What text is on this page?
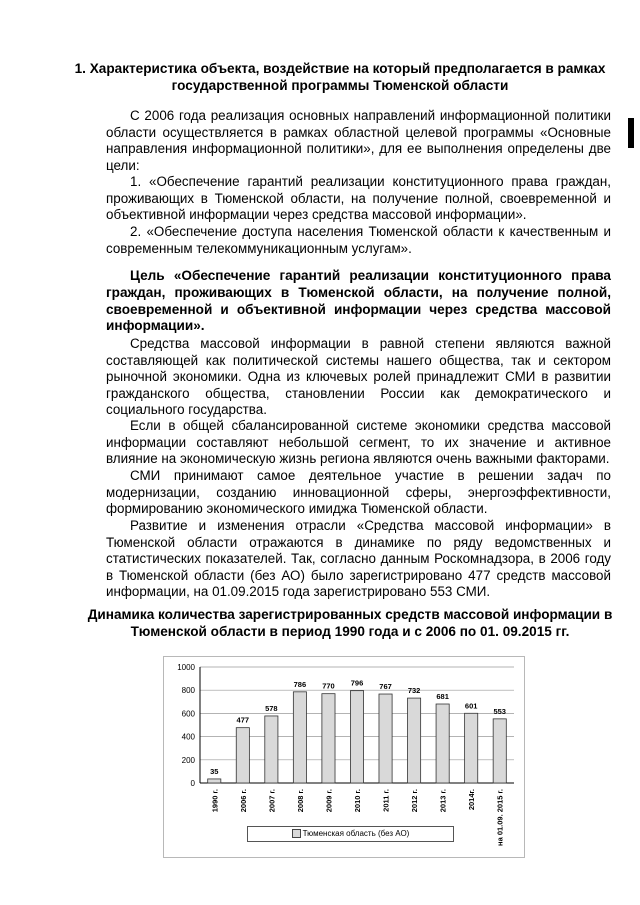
1. Характеристика объекта, воздействие на который предполагается в рамках государственной программы Тюменской области
С 2006 года реализация основных направлений информационной политики области осуществляется в рамках областной целевой программы «Основные направления информационной политики», для ее выполнения определены две цели:
1. «Обеспечение гарантий реализации конституционного права граждан, проживающих в Тюменской области, на получение полной, своевременной и объективной информации через средства массовой информации».
2. «Обеспечение доступа населения Тюменской области к качественным и современным телекоммуникационным услугам».
Цель «Обеспечение гарантий реализации конституционного права граждан, проживающих в Тюменской области, на получение полной, своевременной и объективной информации через средства массовой информации».
Средства массовой информации в равной степени являются важной составляющей как политической системы нашего общества, так и сектором рыночной экономики. Одна из ключевых ролей принадлежит СМИ в развитии гражданского общества, становлении России как демократического и социального государства.
Если в общей сбалансированной системе экономики средства массовой информации составляют небольшой сегмент, то их значение и активное влияние на экономическую жизнь региона являются очень важными факторами.
СМИ принимают самое деятельное участие в решении задач по модернизации, созданию инновационной сферы, энергоэффективности, формированию экономического имиджа Тюменской области.
Развитие и изменения отрасли «Средства массовой информации» в Тюменской области отражаются в динамике по ряду ведомственных и статистических показателей. Так, согласно данным Роскомнадзора, в 2006 году в Тюменской области (без АО) было зарегистрировано 477 средств массовой информации, на 01.09.2015 года зарегистрировано 553 СМИ.
Динамика количества зарегистрированных средств массовой информации в Тюменской области в период 1990 года и с 2006 по 01. 09.2015 гг.
0
200
400
600
800
1000
35
1990 г.
477
2006 г.
578
2007 г.
786
2008 г.
770
2009 г.
796
2010 г.
767
2011 г.
732
2012 г.
681
2013 г.
601
2014г.
553
на 01.09. 2015 г.
Тюменская область (без АО)
